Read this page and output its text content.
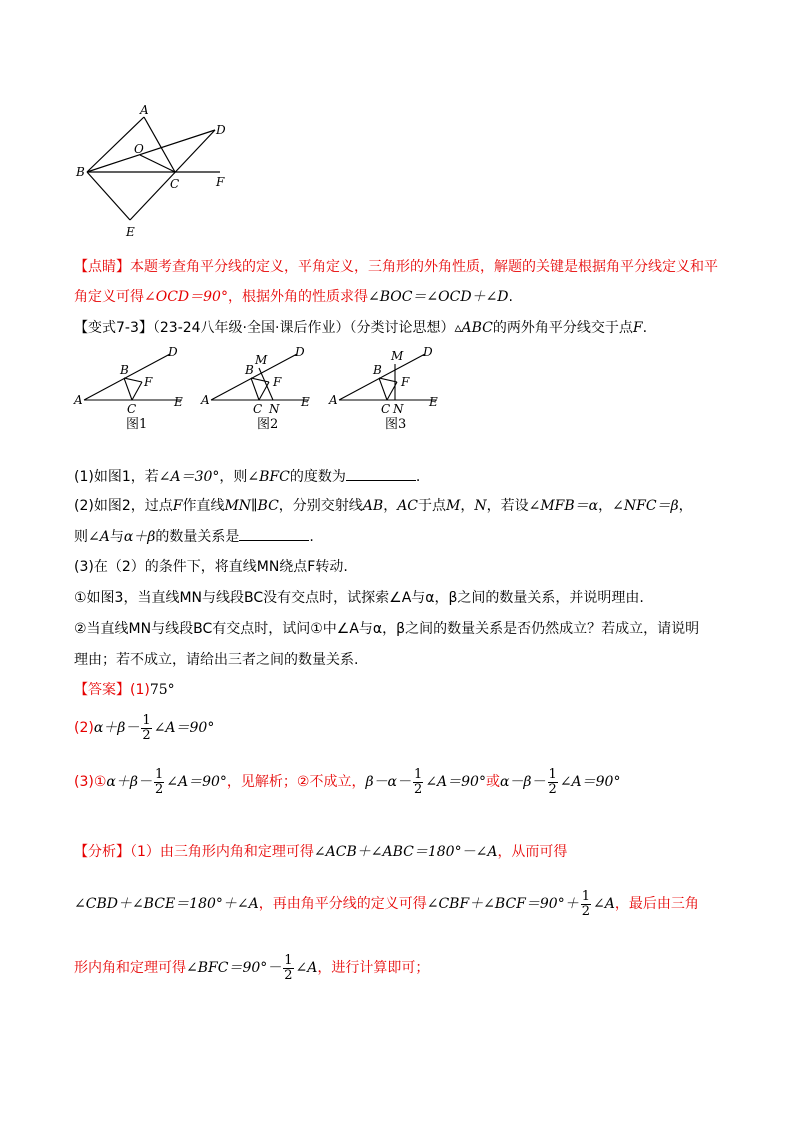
A
D
O
B
C	F
E
【点睛】本题考查角平分线的定义，平角定义，三角形的外角性质，解题的关键是根据角平分线定义和平
角定义可得∠OCD＝90°，根据外角的性质求得∠BOC＝∠OCD＋∠D.
【变式7-3】（23-24八年级·全国·课后作业）（分类讨论思想）▵ABC的两外角平分线交于点F.
A
B
D
F
C	E
图1
A
B
M
D
F
C N E
图2
A
B
M D
F
C N E
图3
(1)如图1，若∠A＝30°，则∠BFC的度数为	.
(2)如图2，过点F作直线MN∥BC，分别交射线AB，AC于点M，N，若设∠MFB＝α，∠NFC＝β，
则∠A与α＋β的数量关系是	.
(3)在（2）的条件下，将直线MN绕点F转动.
①如图3，当直线MN与线段BC没有交点时，试探索∠A与α，β之间的数量关系，并说明理由.
②当直线MN与线段BC有交点时，试问①中∠A与α，β之间的数量关系是否仍然成立？若成立，请说明
理由；若不成立，请给出三者之间的数量关系.
【答案】(1)75°
$(2)\alpha+\beta- \frac{1}{2}$ ∠A＝90°
(3)①α＋β－ $\frac{1}{2}$ ∠A＝90°，见解析；②不成立，$\beta-\alpha- \frac{1}{2}$ ∠A＝90°或$\alpha-\beta- \frac{1}{2}$ ∠A＝90°
【分析】（1）由三角形内角和定理可得∠ACB＋∠ABC＝180°－∠A，从而可得
∠CBD＋∠BCE＝180°＋∠A，再由角平分线的定义可得∠CBF＋∠BCF＝90°＋ $\frac{1}{2}$ ∠A，最后由三角
形内角和定理可得∠BFC＝90°－ $\frac{1}{2}$ ∠A，进行计算即可；
